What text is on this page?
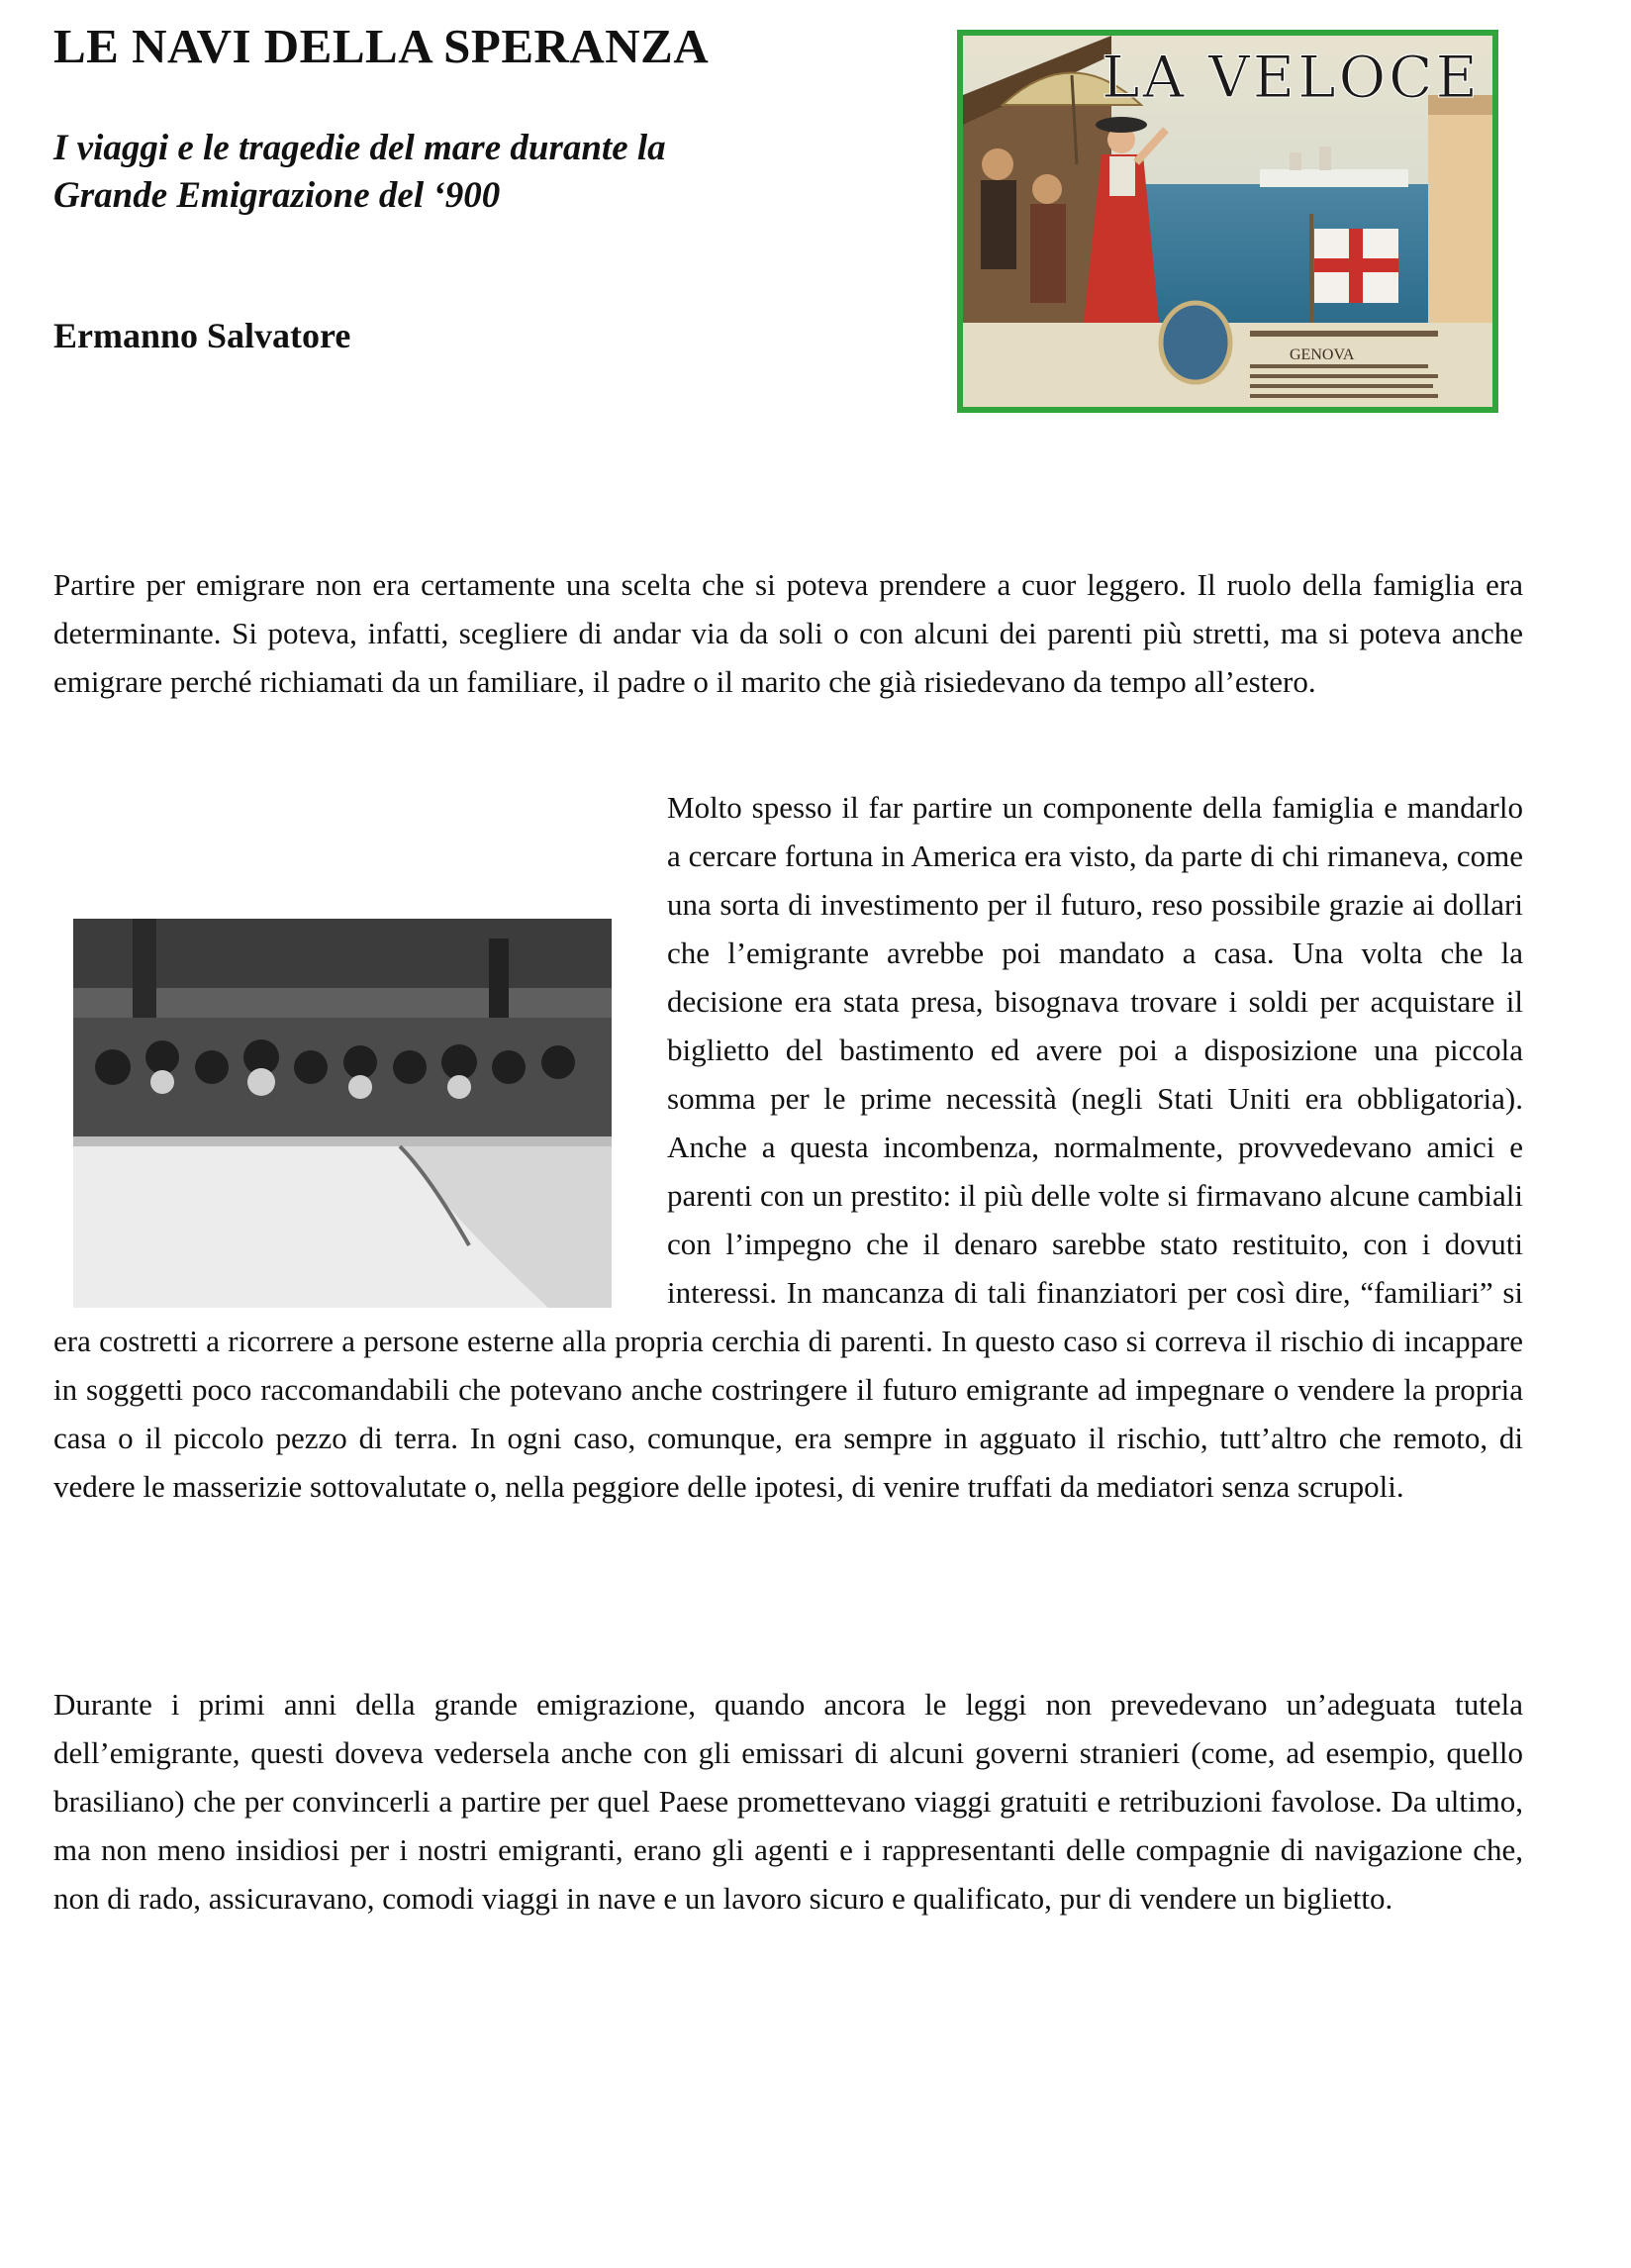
LE NAVI DELLA SPERANZA
I viaggi e le tragedie del mare durante la
Grande Emigrazione del ‘900
Ermanno Salvatore	GENOVA
LA VELOCE

Partire per emigrare non era certamente una scelta che si poteva prendere a cuor leggero. Il ruolo della famiglia era determinante. Si poteva, infatti, scegliere di andar via da soli o con alcuni dei parenti più stretti, ma si poteva anche emigrare perché richiamati da un familiare, il padre o il marito che già risiedevano da tempo all’estero.

Molto spesso il far partire un componente della famiglia e mandarlo a cercare fortuna in America era visto, da parte di chi rimaneva, come una sorta di investimento per il futuro, reso possibile grazie ai dollari che l’emigrante avrebbe poi mandato a casa. Una volta che la decisione era stata presa, bisognava trovare i soldi per acquistare il biglietto del bastimento ed avere poi a disposizione una piccola somma per le prime necessità (negli Stati Uniti era obbligatoria). Anche a questa incombenza, normalmente, provvedevano amici e parenti con un prestito: il più delle volte si firmavano alcune cambiali con l’impegno che il denaro sarebbe stato restituito, con i dovuti interessi. In mancanza di tali finanziatori per così dire, “familiari” si era costretti a ricorrere a persone esterne alla propria cerchia di parenti. In questo caso si correva il rischio di incappare in soggetti poco raccomandabili che potevano anche costringere il futuro emigrante ad impegnare o vendere la propria casa o il piccolo pezzo di terra. In ogni caso, comunque, era sempre in agguato il rischio, tutt’altro che remoto, di vedere le masserizie sottovalutate o, nella peggiore delle ipotesi, di venire truffati da mediatori senza scrupoli.

Durante i primi anni della grande emigrazione, quando ancora le leggi non prevedevano un’adeguata tutela dell’emigrante, questi doveva vedersela anche con gli emissari di alcuni governi stranieri (come, ad esempio, quello brasiliano) che per convincerli a partire per quel Paese promettevano viaggi gratuiti e retribuzioni favolose. Da ultimo, ma non meno insidiosi per i nostri emigranti, erano gli agenti e i rappresentanti delle compagnie di navigazione che, non di rado, assicuravano, comodi viaggi in nave e un lavoro sicuro e qualificato, pur di vendere un biglietto.
